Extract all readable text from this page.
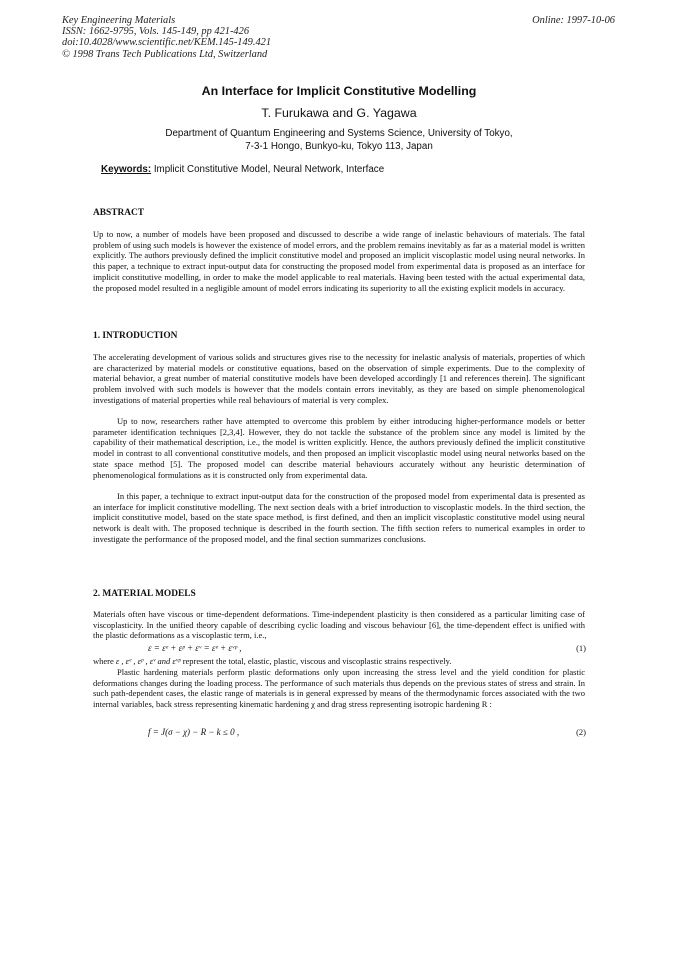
Key Engineering Materials
ISSN: 1662-9795, Vols. 145-149, pp 421-426
doi:10.4028/www.scientific.net/KEM.145-149.421
© 1998 Trans Tech Publications Ltd, Switzerland
Online: 1997-10-06
An Interface for Implicit Constitutive Modelling
T. Furukawa and G. Yagawa
Department of Quantum Engineering and Systems Science, University of Tokyo,
7-3-1 Hongo, Bunkyo-ku, Tokyo 113, Japan
Keywords: Implicit Constitutive Model, Neural Network, Interface
ABSTRACT

Up to now, a number of models have been proposed and discussed to describe a wide range of inelastic behaviours of materials. The fatal problem of using such models is however the existence of model errors, and the problem remains inevitably as far as a material model is written explicitly. The authors previously defined the implicit constitutive model and proposed an implicit viscoplastic model using neural networks. In this paper, a technique to extract input-output data for constructing the proposed model from experimental data is proposed as an interface for implicit constitutive modelling, in order to make the model applicable to real materials. Having been tested with the actual experimental data, the proposed model resulted in a negligible amount of model errors indicating its superiority to all the existing explicit models in accuracy.

1. INTRODUCTION

The accelerating development of various solids and structures gives rise to the necessity for inelastic analysis of materials, properties of which are characterized by material models or constitutive equations, based on the observation of simple experiments. Due to the complexity of material behavior, a great number of material constitutive models have been developed accordingly [1 and references therein]. The significant problem involved with such models is however that the models contain errors inevitably, as they are based on simple phenomenological investigations of material properties while real behaviours of material is very complex.

Up to now, researchers rather have attempted to overcome this problem by either introducing higher-performance models or better parameter identification techniques [2,3,4]. However, they do not tackle the substance of the problem since any model is limited by the capability of their mathematical description, i.e., the model is written explicitly. Hence, the authors previously defined the implicit constitutive model in contrast to all conventional constitutive models, and then proposed an implicit viscoplastic model using neural networks based on the state space method [5]. The proposed model can describe material behaviours accurately without any heuristic determination of phenomenological formulations as it is constructed only from experimental data.

In this paper, a technique to extract input-output data for the construction of the proposed model from experimental data is presented as an interface for implicit constitutive modelling. The next section deals with a brief introduction to viscoplastic models. In the third section, the implicit constitutive model, based on the state space method, is first defined, and then an implicit viscoplastic constitutive model using neural network is dealt with. The proposed technique is described in the fourth section. The fifth section refers to numerical examples in order to investigate the performance of the proposed model, and the final section summarizes conclusions.

2. MATERIAL MODELS

Materials often have viscous or time-dependent deformations. Time-independent plasticity is then considered as a particular limiting case of viscoplasticity. In the unified theory capable of describing cyclic loading and viscous behaviour [6], the time-dependent effect is unified with the plastic deformations as a viscoplastic term, i.e.,

ε = εᵉ + εᵖ + εᵛ = εᵉ + εᵛᵖ ,	(1)
where ε , εᵉ , εᵖ , εᵛ and εᵛᵖ represent the total, elastic, plastic, viscous and viscoplastic strains respectively.

Plastic hardening materials perform plastic deformations only upon increasing the stress level and the yield condition for plastic deformations changes during the loading process. The performance of such materials thus depends on the previous states of stress and strain. In such path-dependent cases, the elastic range of materials is in general expressed by means of the thermodynamic forces associated with the two internal variables, back stress representing kinematic hardening χ and drag stress representing isotropic hardening R :

f = J(σ − χ) − R − k ≤ 0 ,	(2)
